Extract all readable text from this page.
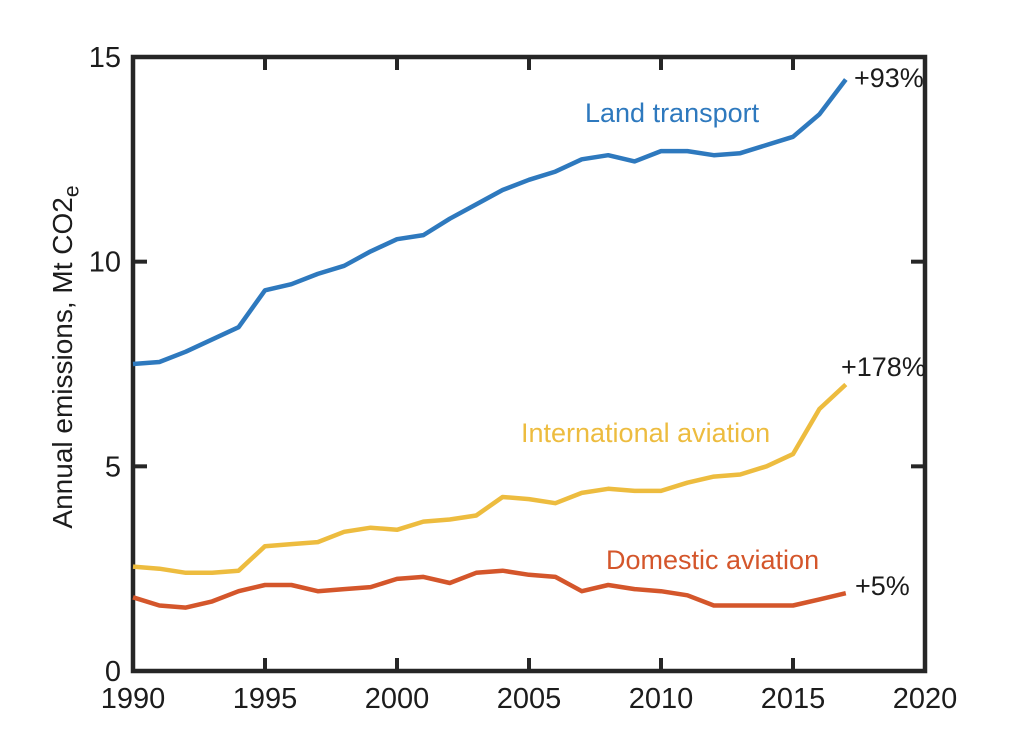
1990 1995 2000 2005 2010 2015 2020
0
5
10
15
Annual emissions, Mt $CO2_e$
Land transport
International aviation
Domestic aviation
+93%
+178%
+5%
